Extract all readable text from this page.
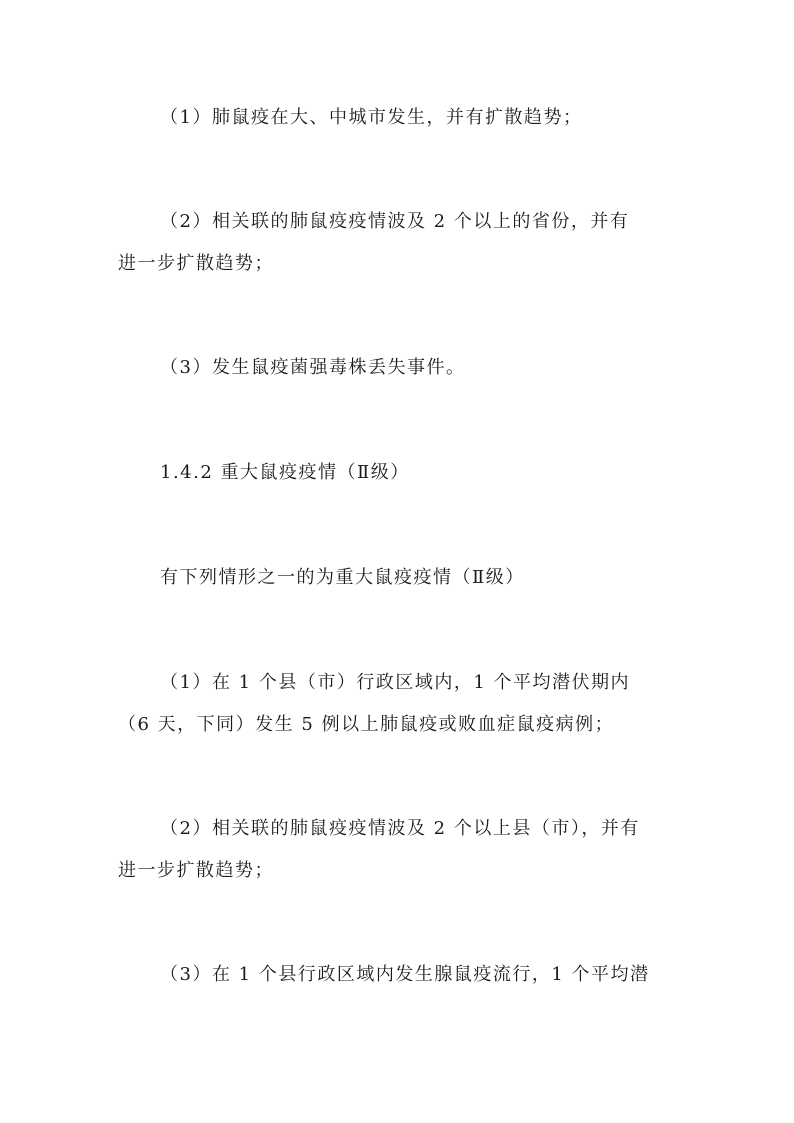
（1）肺鼠疫在大、中城市发生，并有扩散趋势；
（2）相关联的肺鼠疫疫情波及 2 个以上的省份，并有
进一步扩散趋势；
（3）发生鼠疫菌强毒株丢失事件。
1.4.2 重大鼠疫疫情（Ⅱ级）
有下列情形之一的为重大鼠疫疫情（Ⅱ级）
（1）在 1 个县（市）行政区域内，1 个平均潜伏期内
（6 天，下同）发生 5 例以上肺鼠疫或败血症鼠疫病例；
（2）相关联的肺鼠疫疫情波及 2 个以上县（市），并有
进一步扩散趋势；
（3）在 1 个县行政区域内发生腺鼠疫流行，1 个平均潜
